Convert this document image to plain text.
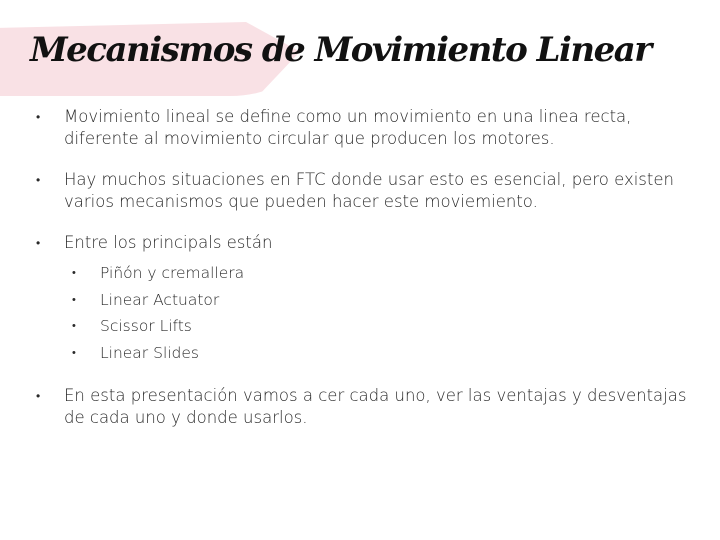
Mecanismos de Movimiento Linear
• Movimiento lineal se define como un movimiento en una linea recta, diferente al movimiento circular que producen los motores.
• Hay muchos situaciones en FTC donde usar esto es esencial, pero existen varios mecanismos que pueden hacer este moviemiento.
• Entre los principals están
• Piñón y cremallera
• Linear Actuator
• Scissor Lifts
• Linear Slides
• En esta presentación vamos a cer cada uno, ver las ventajas y desventajas de cada uno y donde usarlos.
